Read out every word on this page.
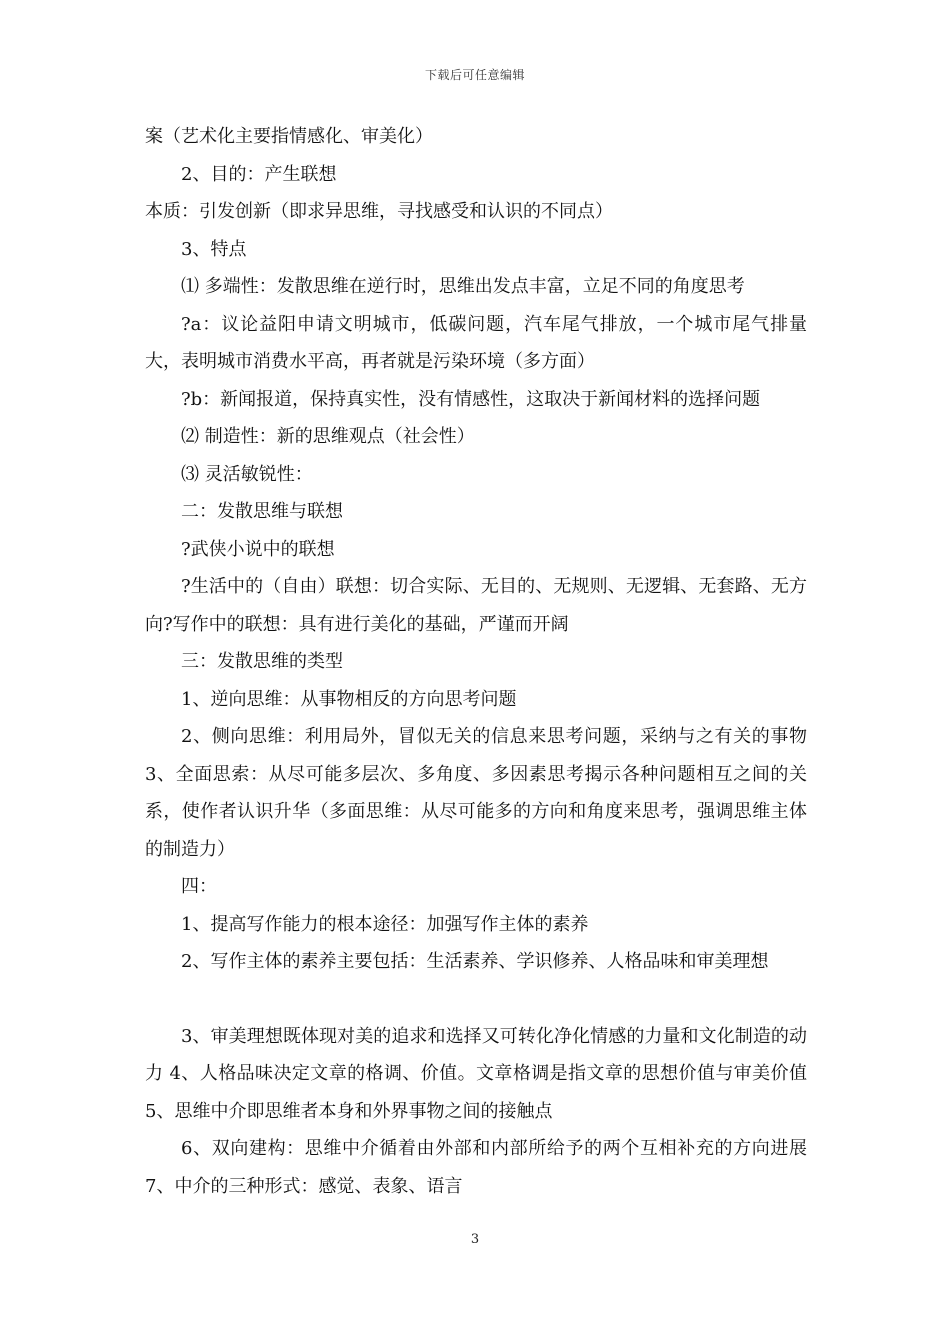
下载后可任意编辑

案（艺术化主要指情感化、审美化）

2、目的：产生联想

本质：引发创新（即求异思维，寻找感受和认识的不同点）

3、特点

⑴ 多端性：发散思维在逆行时，思维出发点丰富，立足不同的角度思考

?a：议论益阳申请文明城市，低碳问题，汽车尾气排放，一个城市尾气排量大，表明城市消费水平高，再者就是污染环境（多方面）

?b：新闻报道，保持真实性，没有情感性，这取决于新闻材料的选择问题

⑵ 制造性：新的思维观点（社会性）

⑶ 灵活敏锐性：

二：发散思维与联想

?武侠小说中的联想

?生活中的（自由）联想：切合实际、无目的、无规则、无逻辑、无套路、无方向?写作中的联想：具有进行美化的基础，严谨而开阔

三：发散思维的类型

1、逆向思维：从事物相反的方向思考问题

2、侧向思维：利用局外，冒似无关的信息来思考问题，采纳与之有关的事物 3、全面思索：从尽可能多层次、多角度、多因素思考揭示各种问题相互之间的关系，使作者认识升华（多面思维：从尽可能多的方向和角度来思考，强调思维主体的制造力）

四：

1、提高写作能力的根本途径：加强写作主体的素养

2、写作主体的素养主要包括：生活素养、学识修养、人格品味和审美理想

3、审美理想既体现对美的追求和选择又可转化净化情感的力量和文化制造的动力 4、人格品味决定文章的格调、价值。文章格调是指文章的思想价值与审美价值 5、思维中介即思维者本身和外界事物之间的接触点

6、双向建构：思维中介循着由外部和内部所给予的两个互相补充的方向进展 7、中介的三种形式：感觉、表象、语言

3
